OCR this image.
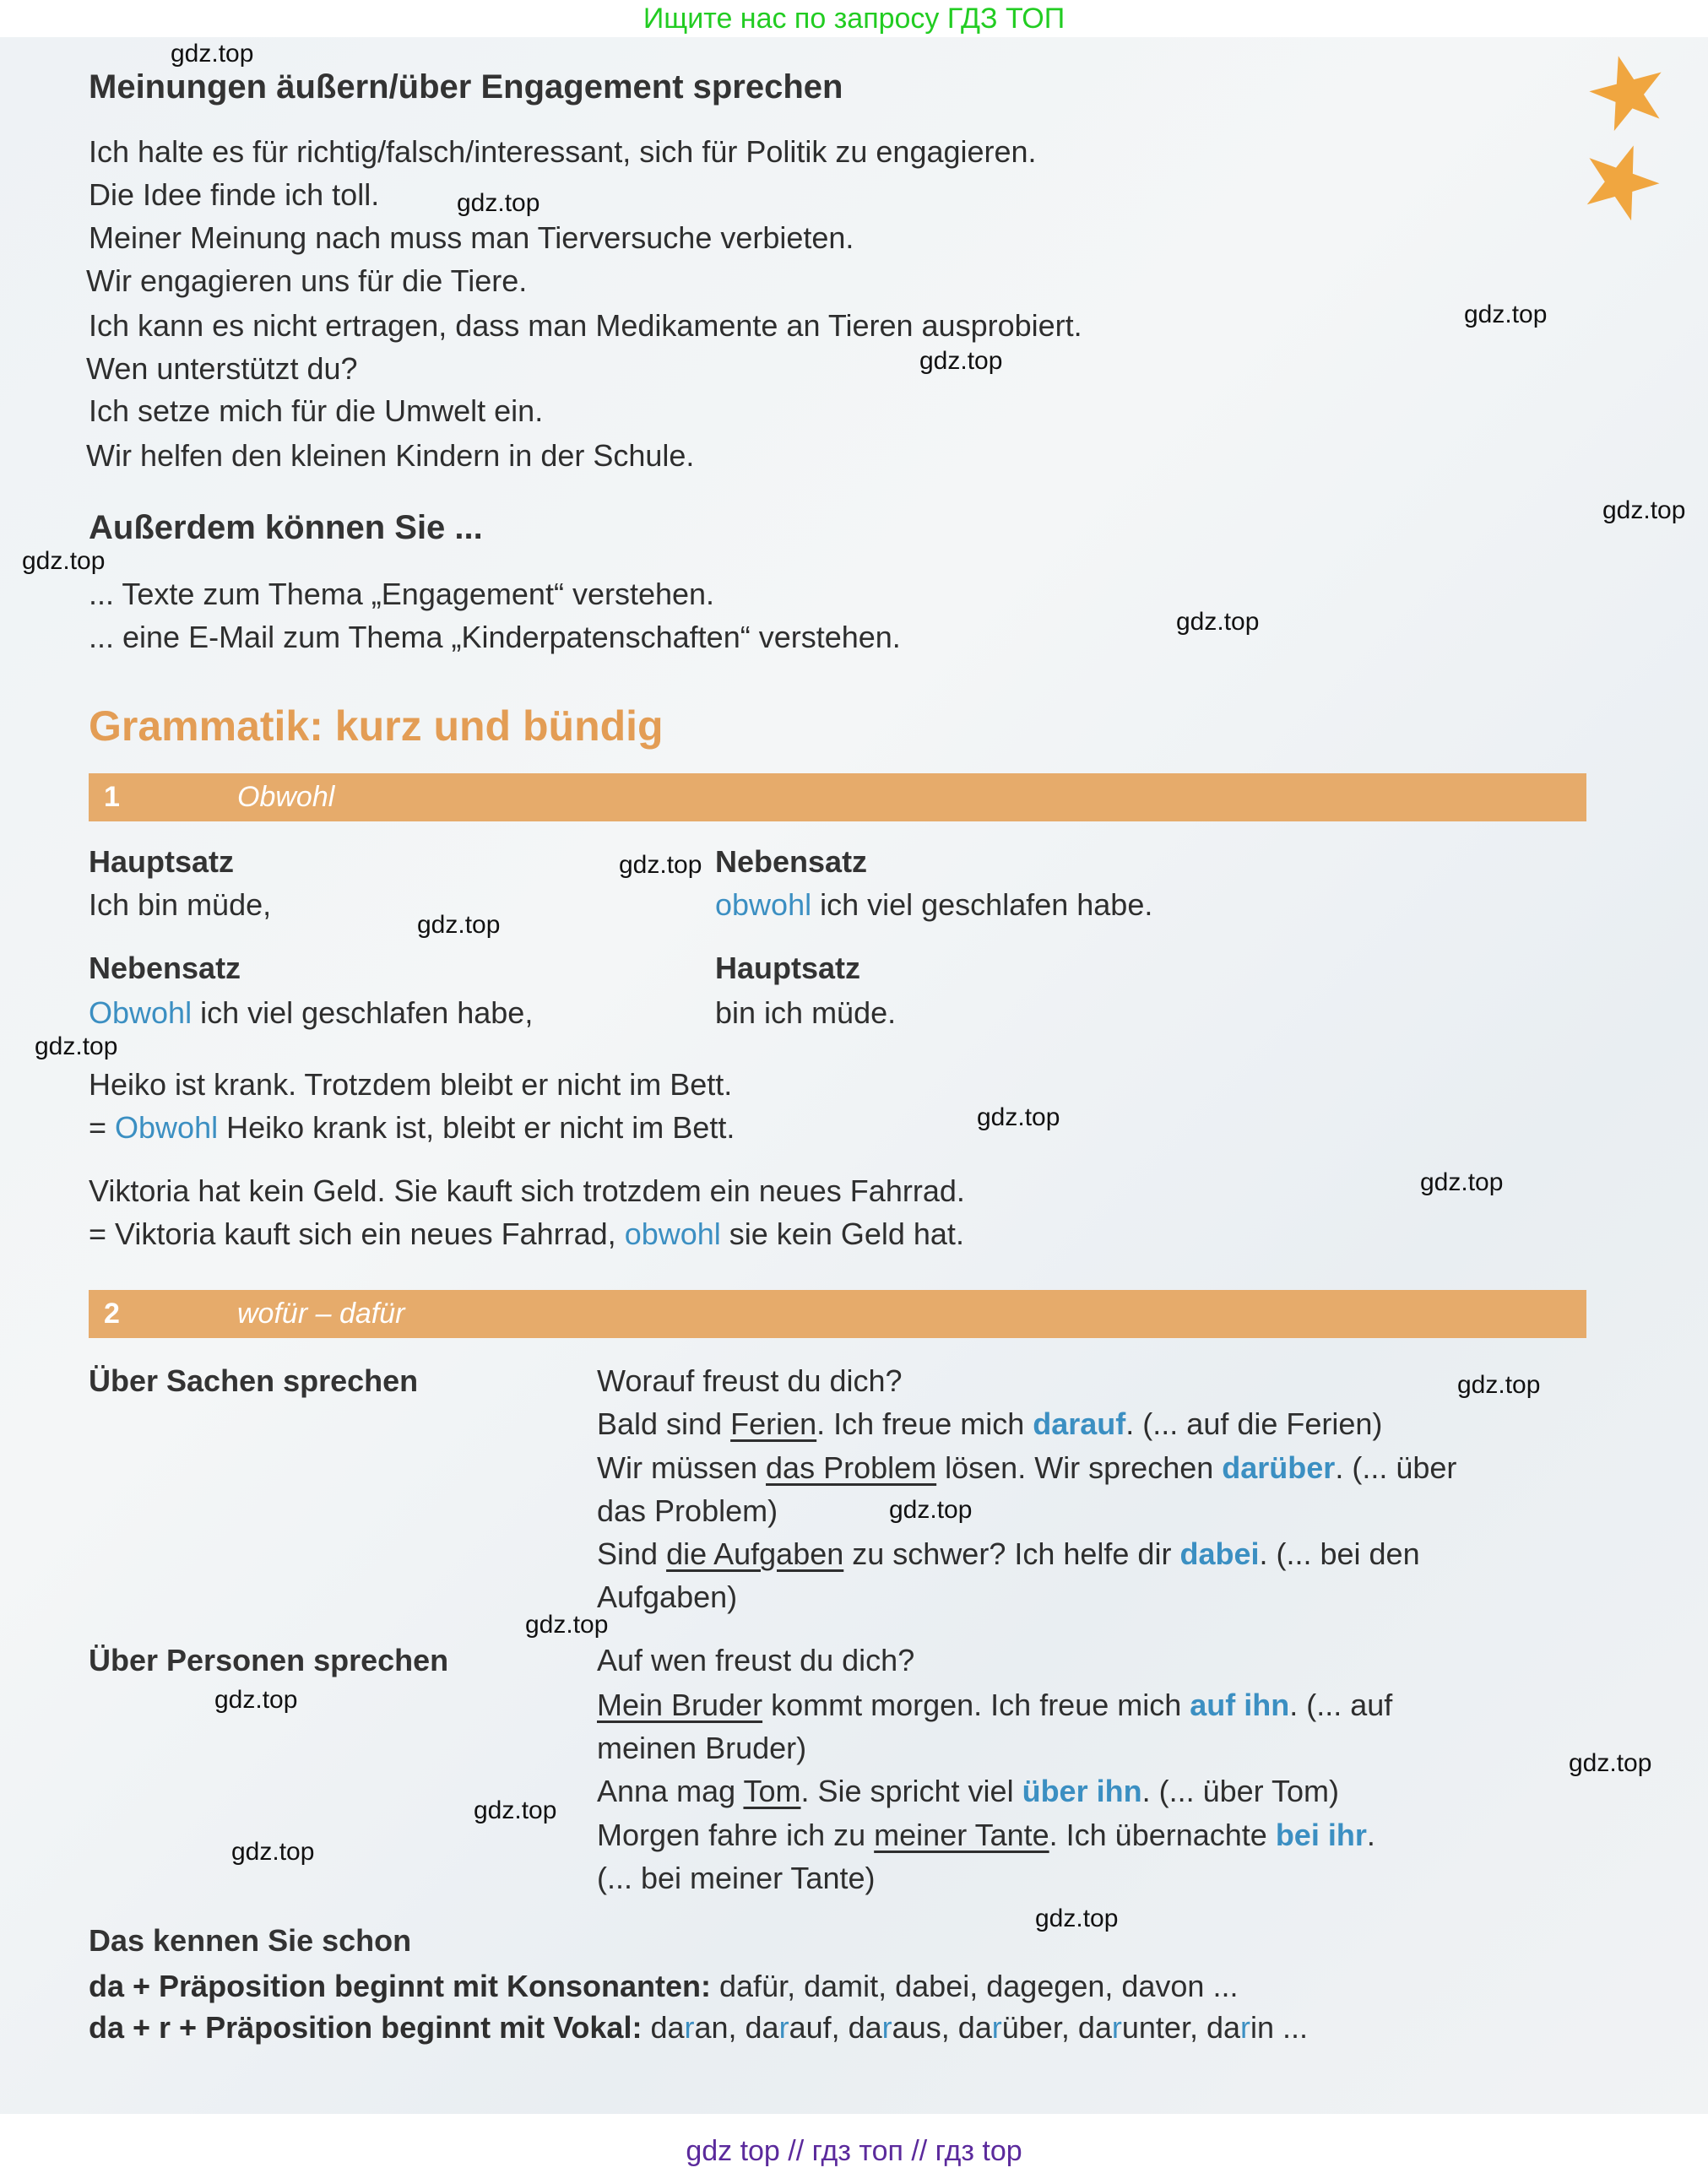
Ищите нас по запросу ГДЗ ТОП
Meinungen äußern/über Engagement sprechen
Ich halte es für richtig/falsch/interessant, sich für Politik zu engagieren.
Die Idee finde ich toll.
Meiner Meinung nach muss man Tierversuche verbieten.
Wir engagieren uns für die Tiere.
Ich kann es nicht ertragen, dass man Medikamente an Tieren ausprobiert.
Wen unterstützt du?
Ich setze mich für die Umwelt ein.
Wir helfen den kleinen Kindern in der Schule.
Außerdem können Sie ...
... Texte zum Thema „Engagement“ verstehen.
... eine E-Mail zum Thema „Kinderpatenschaften“ verstehen.
Grammatik: kurz und bündig
1	Obwohl
Hauptsatz	Nebensatz
Ich bin müde,	obwohl ich viel geschlafen habe.
Nebensatz	Hauptsatz
Obwohl ich viel geschlafen habe,	bin ich müde.
Heiko ist krank. Trotzdem bleibt er nicht im Bett.
= Obwohl Heiko krank ist, bleibt er nicht im Bett.
Viktoria hat kein Geld. Sie kauft sich trotzdem ein neues Fahrrad.
= Viktoria kauft sich ein neues Fahrrad, obwohl sie kein Geld hat.
2	wofür – dafür
Über Sachen sprechen	Worauf freust du dich?
Bald sind Ferien. Ich freue mich darauf. (... auf die Ferien)
Wir müssen das Problem lösen. Wir sprechen darüber. (... über
das Problem)
Sind die Aufgaben zu schwer? Ich helfe dir dabei. (... bei den
Aufgaben)
Über Personen sprechen	Auf wen freust du dich?
Mein Bruder kommt morgen. Ich freue mich auf ihn. (... auf
meinen Bruder)
Anna mag Tom. Sie spricht viel über ihn. (... über Tom)
Morgen fahre ich zu meiner Tante. Ich übernachte bei ihr.
(... bei meiner Tante)
Das kennen Sie schon
da + Präposition beginnt mit Konsonanten: dafür, damit, dabei, dagegen, davon ...
da + r + Präposition beginnt mit Vokal: daran, darauf, daraus, darüber, darunter, darin ...
gdz.top
gdz.top
gdz.top
gdz.top
gdz.top
gdz.top
gdz.top
gdz.top
gdz.top
gdz.top
gdz.top
gdz.top
gdz.top
gdz.top
gdz.top
gdz.top
gdz.top
gdz.top
gdz.top
gdz.top
gdz top // гдз топ // гдз top
